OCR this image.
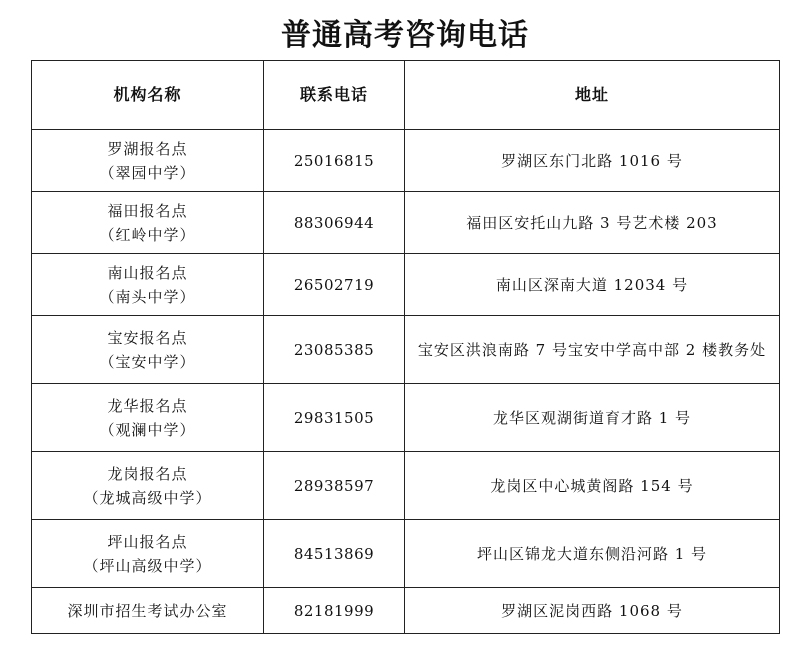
普通高考咨询电话
机构名称	联系电话	地址

罗湖报名点
（翠园中学）	25016815	罗湖区东门北路 1016 号

福田报名点
（红岭中学）	88306944	福田区安托山九路 3 号艺术楼 203

南山报名点
（南头中学）	26502719	南山区深南大道 12034 号

宝安报名点
（宝安中学）	23085385	宝安区洪浪南路 7 号宝安中学高中部 2 楼教务处

龙华报名点
（观澜中学）	29831505	龙华区观湖街道育才路 1 号

龙岗报名点
（龙城高级中学）	28938597	龙岗区中心城黄阁路 154 号

坪山报名点
（坪山高级中学）	84513869	坪山区锦龙大道东侧沿河路 1 号

深圳市招生考试办公室	82181999	罗湖区泥岗西路 1068 号
